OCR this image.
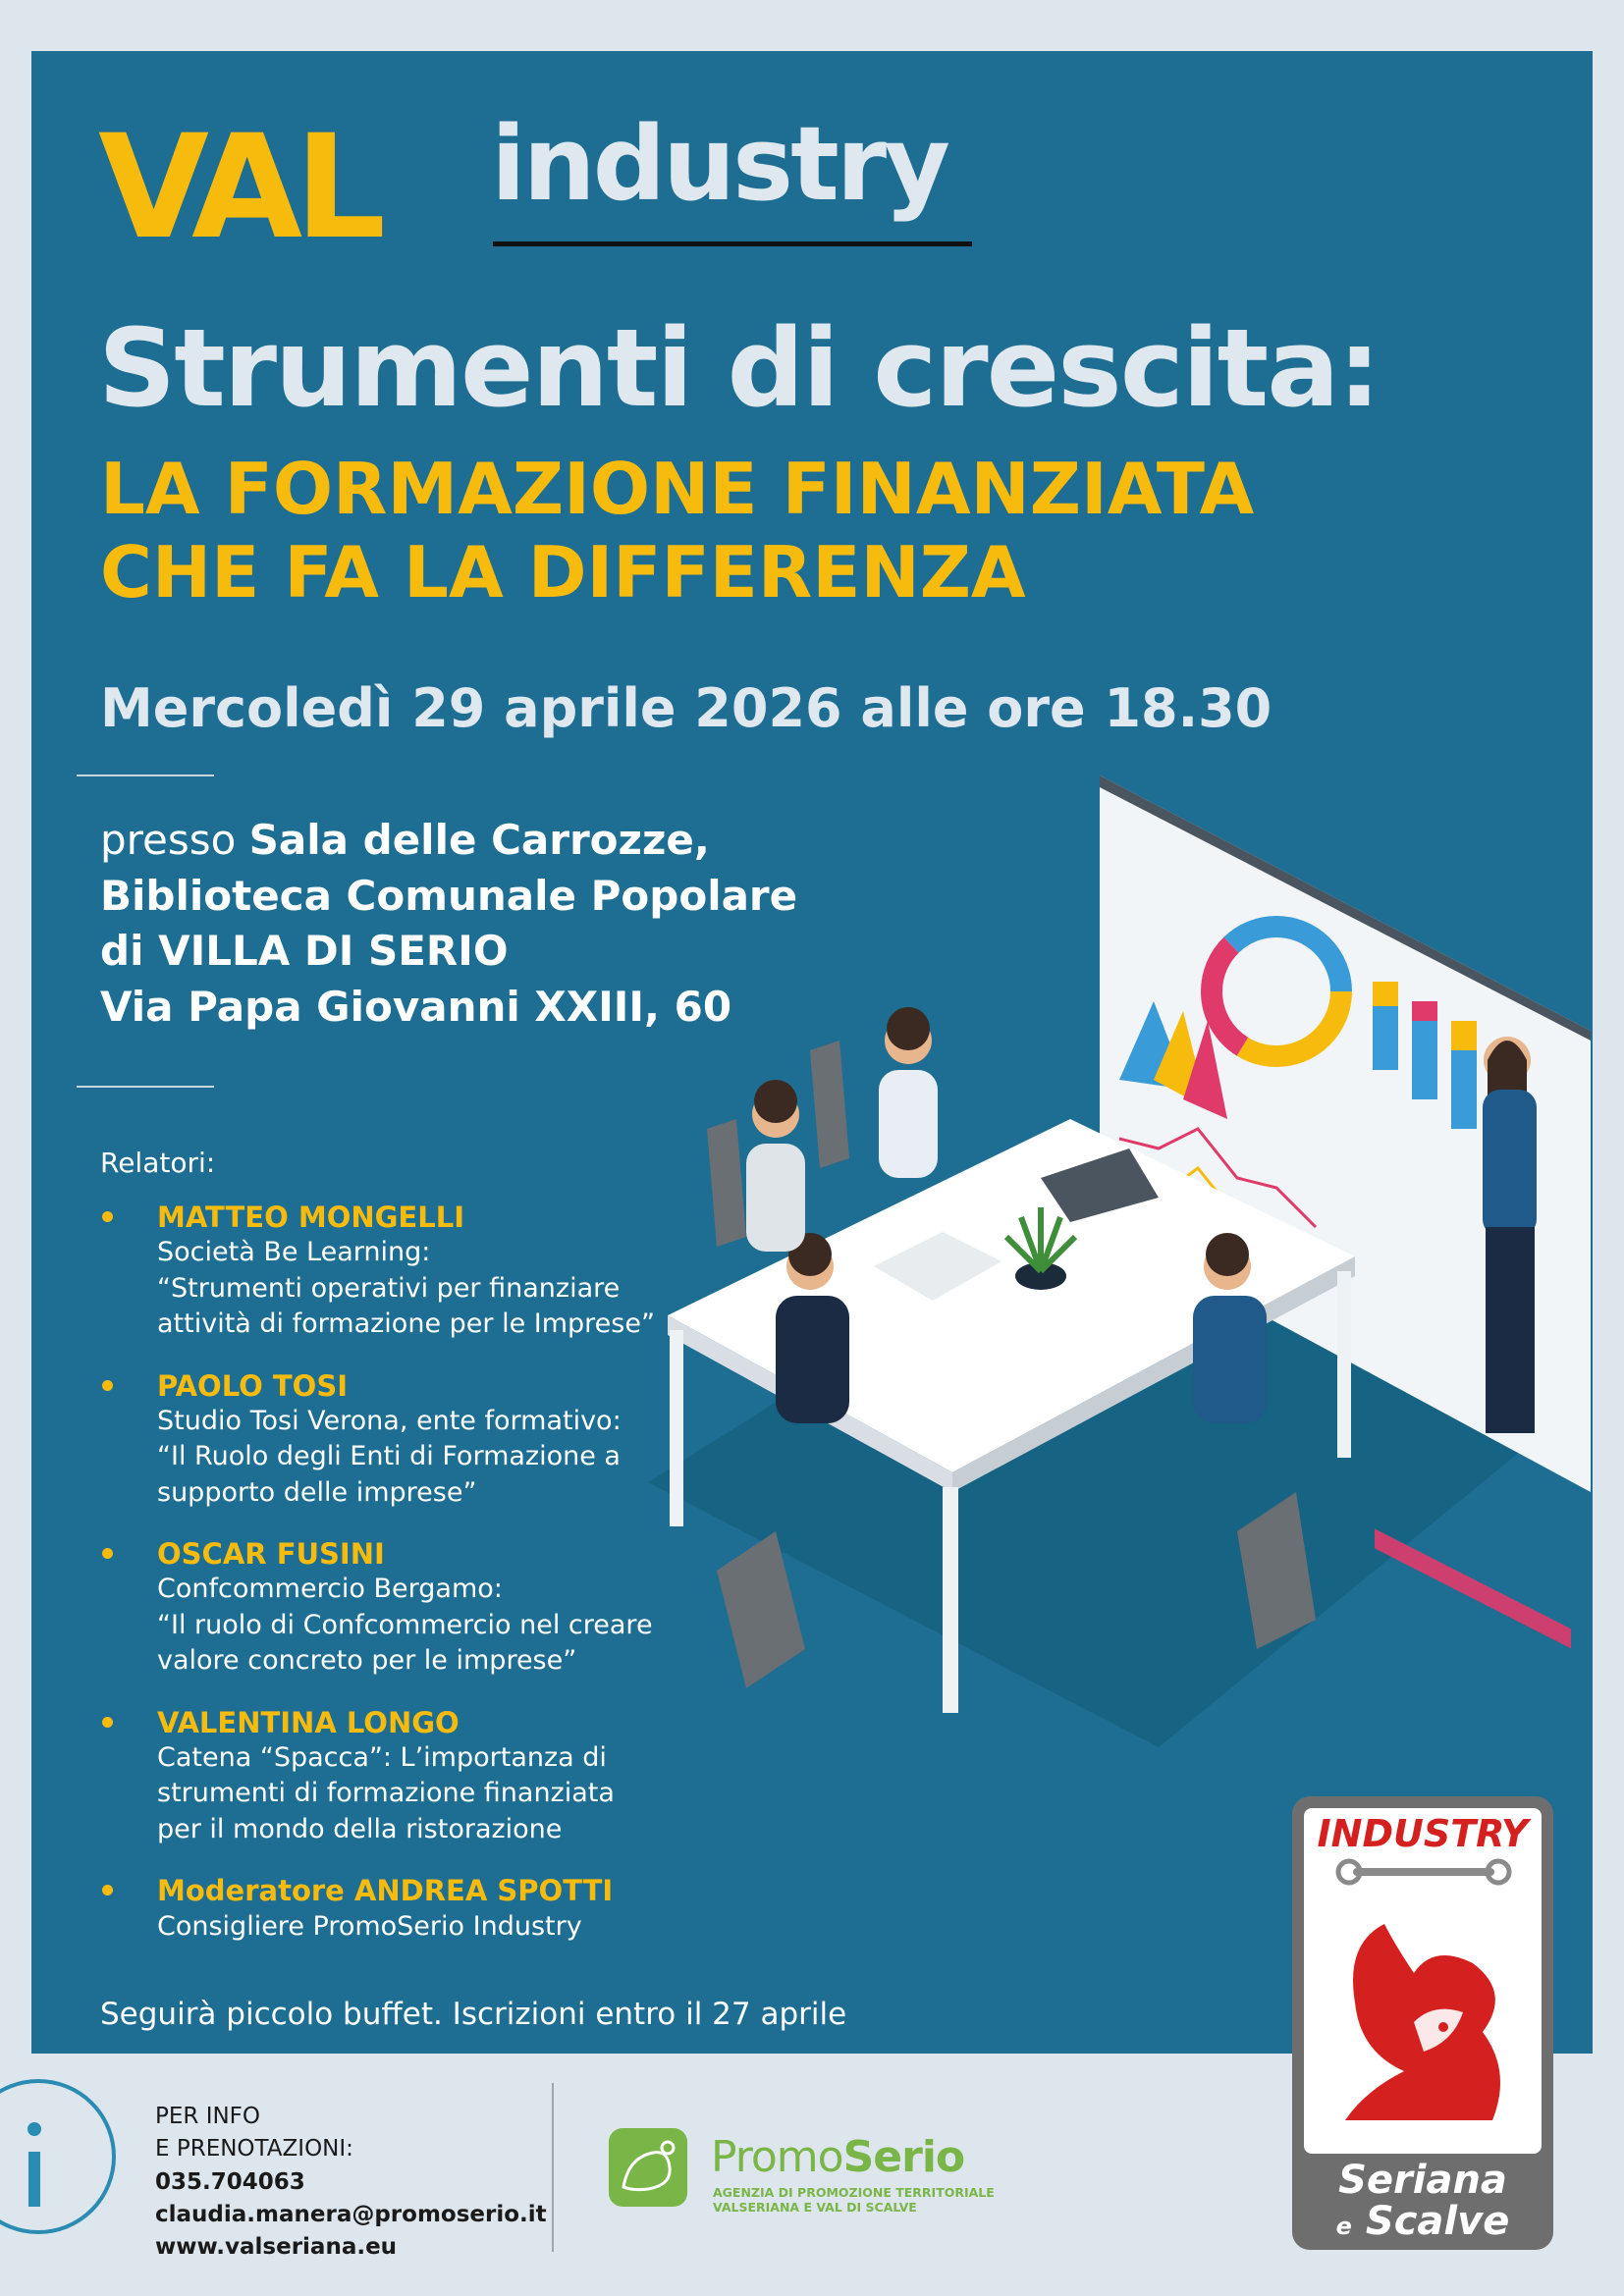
VAL industry
Strumenti di crescita:
LA FORMAZIONE FINANZIATA
CHE FA LA DIFFERENZA
Mercoledì 29 aprile 2026 alle ore 18.30
presso Sala delle Carrozze,
Biblioteca Comunale Popolare
di VILLA DI SERIO
Via Papa Giovanni XXIII, 60
Relatori:
MATTEO MONGELLI
Società Be Learning:
“Strumenti operativi per finanziare
attività di formazione per le Imprese”
PAOLO TOSI
Studio Tosi Verona, ente formativo:
“Il Ruolo degli Enti di Formazione a
supporto delle imprese”
OSCAR FUSINI
Confcommercio Bergamo:
“Il ruolo di Confcommercio nel creare
valore concreto per le imprese”
VALENTINA LONGO
Catena “Spacca”: L’importanza di
strumenti di formazione finanziata
per il mondo della ristorazione
Moderatore ANDREA SPOTTI
Consigliere PromoSerio Industry
Seguirà piccolo buffet. Iscrizioni entro il 27 aprile
PER INFO
E PRENOTAZIONI:
035.704063
claudia.manera@promoserio.it
www.valseriana.eu
PromoSerio
AGENZIA DI PROMOZIONE TERRITORIALE
VALSERIANA E VAL DI SCALVE
INDUSTRY
Seriana
e Scalve
